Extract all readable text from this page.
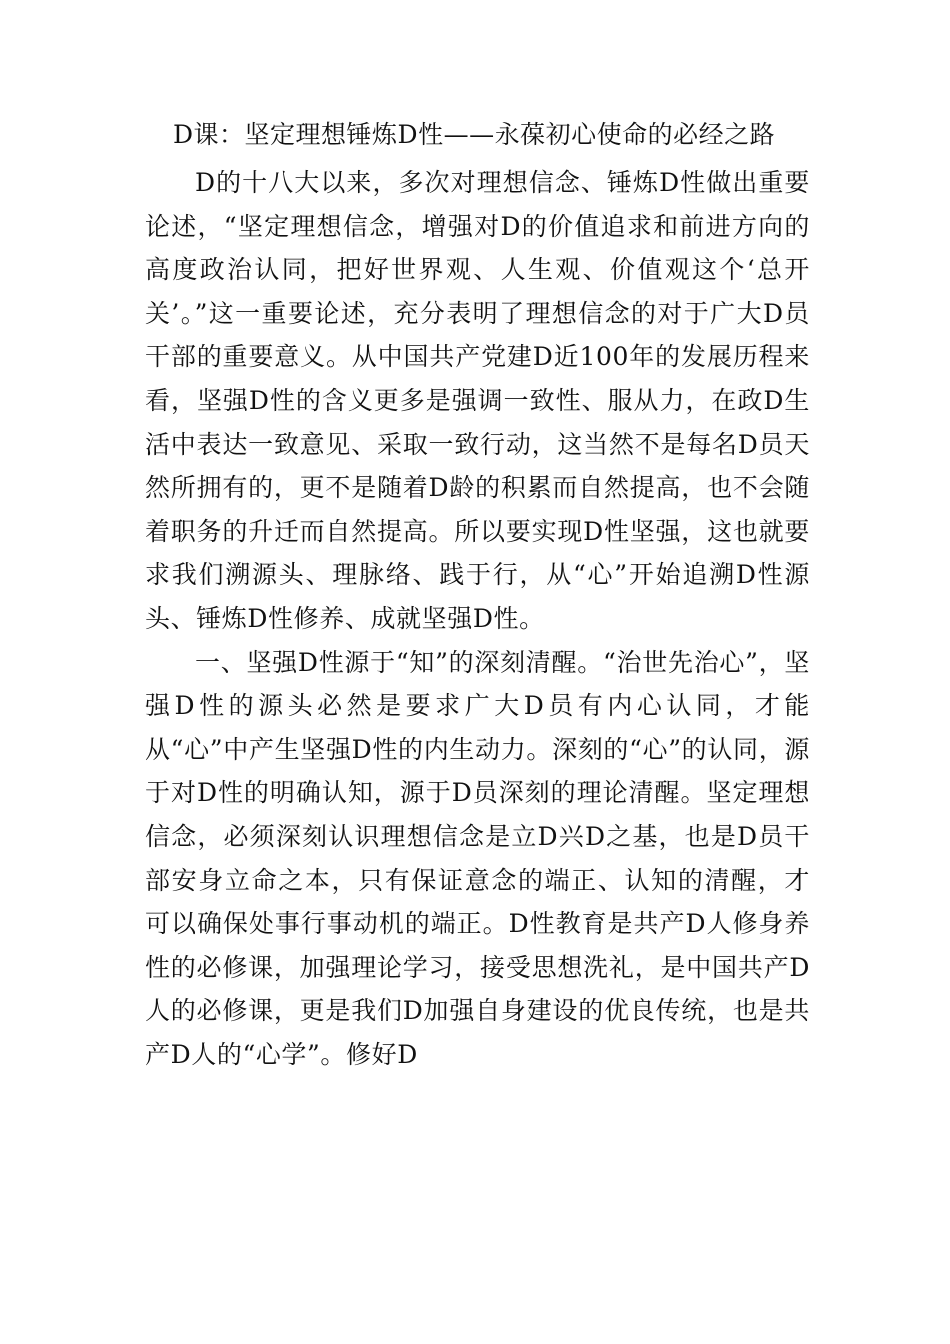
D课：坚定理想锤炼D性——永葆初心使命的必经之路

D的十八大以来，多次对理想信念、锤炼D性做出重要论述，“坚定理想信念，增强对D的价值追求和前进方向的高度政治认同，把好世界观、人生观、价值观这个‘总开关’。”这一重要论述，充分表明了理想信念的对于广大D员干部的重要意义。从中国共产党建D近100年的发展历程来看，坚强D性的含义更多是强调一致性、服从力，在政D生活中表达一致意见、采取一致行动，这当然不是每名D员天然所拥有的，更不是随着D龄的积累而自然提高，也不会随着职务的升迁而自然提高。所以要实现D性坚强，这也就要求我们溯源头、理脉络、践于行，从“心”开始追溯D性源头、锤炼D性修养、成就坚强D性。

一、坚强D性源于“知”的深刻清醒。“治世先治心”，坚强D性的源头必然是要求广大D员有内心认同，才能从“心”中产生坚强D性的内生动力。深刻的“心”的认同，源于对D性的明确认知，源于D员深刻的理论清醒。坚定理想信念，必须深刻认识理想信念是立D兴D之基，也是D员干部安身立命之本，只有保证意念的端正、认知的清醒，才可以确保处事行事动机的端正。D性教育是共产D人修身养性的必修课，加强理论学习，接受思想洗礼，是中国共产D人的必修课，更是我们D加强自身建设的优良传统，也是共产D人的“心学”。修好D
